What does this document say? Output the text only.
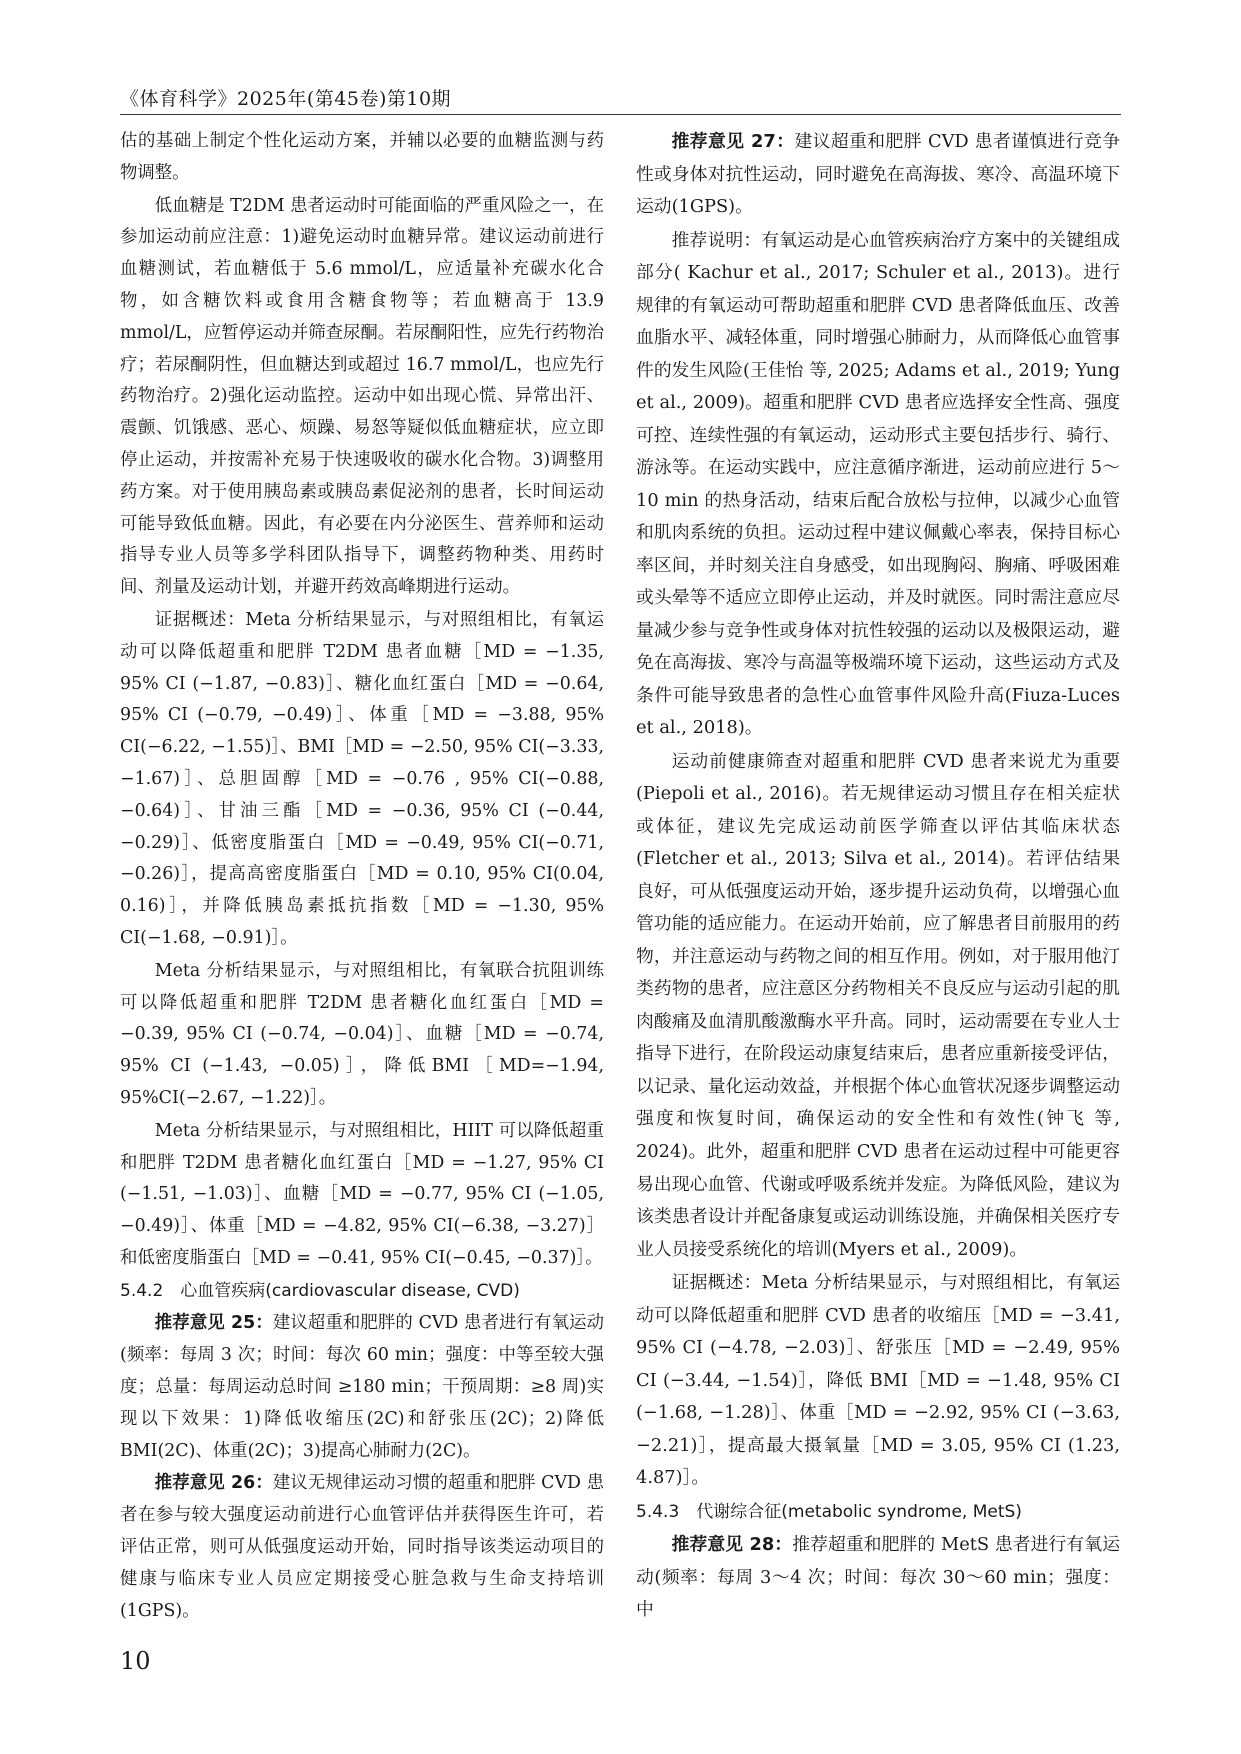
《体育科学》2025年(第45卷)第10期

估的基础上制定个性化运动方案，并辅以必要的血糖监测与药物调整。

低血糖是 T2DM 患者运动时可能面临的严重风险之一，在参加运动前应注意：1)避免运动时血糖异常。建议运动前进行血糖测试，若血糖低于 5.6 mmol/L，应适量补充碳水化合物，如含糖饮料或食用含糖食物等；若血糖高于 13.9 mmol/L，应暂停运动并筛查尿酮。若尿酮阳性，应先行药物治疗；若尿酮阴性，但血糖达到或超过 16.7 mmol/L，也应先行药物治疗。2)强化运动监控。运动中如出现心慌、异常出汗、震颤、饥饿感、恶心、烦躁、易怒等疑似低血糖症状，应立即停止运动，并按需补充易于快速吸收的碳水化合物。3)调整用药方案。对于使用胰岛素或胰岛素促泌剂的患者，长时间运动可能导致低血糖。因此，有必要在内分泌医生、营养师和运动指导专业人员等多学科团队指导下，调整药物种类、用药时间、剂量及运动计划，并避开药效高峰期进行运动。

证据概述：Meta 分析结果显示，与对照组相比，有氧运动可以降低超重和肥胖 T2DM 患者血糖［MD = −1.35, 95% CI (−1.87, −0.83)］、糖化血红蛋白［MD = −0.64, 95% CI (−0.79, −0.49)］、体重［MD = −3.88, 95% CI(−6.22, −1.55)］、BMI［MD = −2.50, 95% CI(−3.33, −1.67)］、总胆固醇［MD = −0.76 , 95% CI(−0.88, −0.64)］、甘油三酯［MD = −0.36, 95% CI (−0.44, −0.29)］、低密度脂蛋白［MD = −0.49, 95% CI(−0.71, −0.26)］，提高高密度脂蛋白［MD = 0.10, 95% CI(0.04, 0.16)］，并降低胰岛素抵抗指数［MD = −1.30, 95% CI(−1.68, −0.91)］。

Meta 分析结果显示，与对照组相比，有氧联合抗阻训练可以降低超重和肥胖 T2DM 患者糖化血红蛋白［MD = −0.39, 95% CI (−0.74, −0.04)］、血糖［MD = −0.74, 95% CI (−1.43, −0.05)］，降低BMI［MD=−1.94, 95%CI(−2.67, −1.22)］。

Meta 分析结果显示，与对照组相比，HIIT 可以降低超重和肥胖 T2DM 患者糖化血红蛋白［MD = −1.27, 95% CI (−1.51, −1.03)］、血糖［MD = −0.77, 95% CI (−1.05, −0.49)］、体重［MD = −4.82, 95% CI(−6.38, −3.27)］和低密度脂蛋白［MD = −0.41, 95% CI(−0.45, −0.37)］。

5.4.2　心血管疾病(cardiovascular disease, CVD)

推荐意见 25：建议超重和肥胖的 CVD 患者进行有氧运动(频率：每周 3 次；时间：每次 60 min；强度：中等至较大强度；总量：每周运动总时间 ≥180 min；干预周期：≥8 周)实现以下效果：1)降低收缩压(2C)和舒张压(2C)；2)降低 BMI(2C)、体重(2C)；3)提高心肺耐力(2C)。

推荐意见 26：建议无规律运动习惯的超重和肥胖 CVD 患者在参与较大强度运动前进行心血管评估并获得医生许可，若评估正常，则可从低强度运动开始，同时指导该类运动项目的健康与临床专业人员应定期接受心脏急救与生命支持培训(1GPS)。

推荐意见 27：建议超重和肥胖 CVD 患者谨慎进行竞争性或身体对抗性运动，同时避免在高海拔、寒冷、高温环境下运动(1GPS)。

推荐说明：有氧运动是心血管疾病治疗方案中的关键组成部分( Kachur et al., 2017; Schuler et al., 2013)。进行规律的有氧运动可帮助超重和肥胖 CVD 患者降低血压、改善血脂水平、减轻体重，同时增强心肺耐力，从而降低心血管事件的发生风险(王佳怡 等, 2025; Adams et al., 2019; Yung et al., 2009)。超重和肥胖 CVD 患者应选择安全性高、强度可控、连续性强的有氧运动，运动形式主要包括步行、骑行、游泳等。在运动实践中，应注意循序渐进，运动前应进行 5～10 min 的热身活动，结束后配合放松与拉伸，以减少心血管和肌肉系统的负担。运动过程中建议佩戴心率表，保持目标心率区间，并时刻关注自身感受，如出现胸闷、胸痛、呼吸困难或头晕等不适应立即停止运动，并及时就医。同时需注意应尽量减少参与竞争性或身体对抗性较强的运动以及极限运动，避免在高海拔、寒冷与高温等极端环境下运动，这些运动方式及条件可能导致患者的急性心血管事件风险升高(Fiuza-Luces et al., 2018)。

运动前健康筛查对超重和肥胖 CVD 患者来说尤为重要(Piepoli et al., 2016)。若无规律运动习惯且存在相关症状或体征，建议先完成运动前医学筛查以评估其临床状态(Fletcher et al., 2013; Silva et al., 2014)。若评估结果良好，可从低强度运动开始，逐步提升运动负荷，以增强心血管功能的适应能力。在运动开始前，应了解患者目前服用的药物，并注意运动与药物之间的相互作用。例如，对于服用他汀类药物的患者，应注意区分药物相关不良反应与运动引起的肌肉酸痛及血清肌酸激酶水平升高。同时，运动需要在专业人士指导下进行，在阶段运动康复结束后，患者应重新接受评估，以记录、量化运动效益，并根据个体心血管状况逐步调整运动强度和恢复时间，确保运动的安全性和有效性(钟飞 等, 2024)。此外，超重和肥胖 CVD 患者在运动过程中可能更容易出现心血管、代谢或呼吸系统并发症。为降低风险，建议为该类患者设计并配备康复或运动训练设施，并确保相关医疗专业人员接受系统化的培训(Myers et al., 2009)。

证据概述：Meta 分析结果显示，与对照组相比，有氧运动可以降低超重和肥胖 CVD 患者的收缩压［MD = −3.41, 95% CI (−4.78, −2.03)］、舒张压［MD = −2.49, 95% CI (−3.44, −1.54)］，降低 BMI［MD = −1.48, 95% CI (−1.68, −1.28)］、体重［MD = −2.92, 95% CI (−3.63, −2.21)］，提高最大摄氧量［MD = 3.05, 95% CI (1.23, 4.87)］。

5.4.3　代谢综合征(metabolic syndrome, MetS)

推荐意见 28：推荐超重和肥胖的 MetS 患者进行有氧运动(频率：每周 3～4 次；时间：每次 30～60 min；强度：中

10
